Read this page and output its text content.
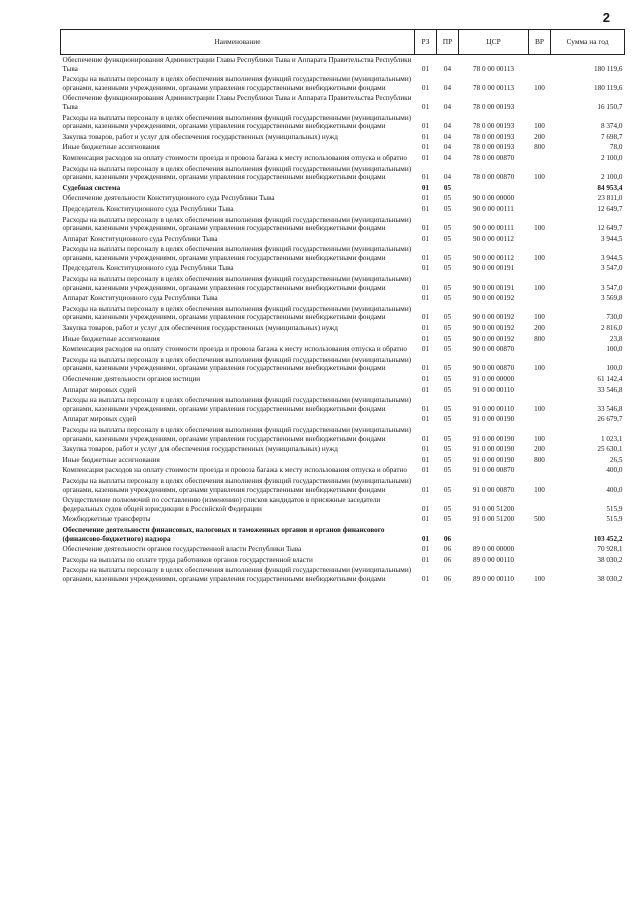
2
Наименование	РЗ	ПР	ЦСР	ВР	Сумма на год
Обеспечение функционирования Администрации Главы Республики Тыва и Аппарата Правительства Республики Тыва	01	04	78 0 00 00113		180 119,6
Расходы на выплаты персоналу в целях обеспечения выполнения функций государственными (муниципальными) органами, казенными учреждениями, органами управления государственными внебюджетными фондами	01	04	78 0 00 00113	100	180 119,6
Обеспечение функционирования Администрации Главы Республики Тыва и Аппарата Правительства Республики Тыва	01	04	78 0 00 00193		16 150,7
Расходы на выплаты персоналу в целях обеспечения выполнения функций государственными (муниципальными) органами, казенными учреждениями, органами управления государственными внебюджетными фондами	01	04	78 0 00 00193	100	8 374,0
Закупка товаров, работ и услуг для обеспечения государственных (муниципальных) нужд	01	04	78 0 00 00193	200	7 698,7
Иные бюджетные ассигнования	01	04	78 0 00 00193	800	78,0
Компенсация расходов на оплату стоимости проезда и провоза багажа к месту использования отпуска и обратно	01	04	78 0 00 00870		2 100,0
Расходы на выплаты персоналу в целях обеспечения выполнения функций государственными (муниципальными) органами, казенными учреждениями, органами управления государственными внебюджетными фондами	01	04	78 0 00 00870	100	2 100,0
Судебная система	01	05			84 953,4
Обеспечение деятельности Конституционного суда Республики Тыва	01	05	90 0 00 00000		23 811,0
Председатель Конституционного суда Республики Тыва	01	05	90 0 00 00111		12 649,7
Расходы на выплаты персоналу в целях обеспечения выполнения функций государственными (муниципальными) органами, казенными учреждениями, органами управления государственными внебюджетными фондами	01	05	90 0 00 00111	100	12 649,7
Аппарат Конституционного суда Республики Тыва	01	05	90 0 00 00112		3 944,5
Расходы на выплаты персоналу в целях обеспечения выполнения функций государственными (муниципальными) органами, казенными учреждениями, органами управления государственными внебюджетными фондами	01	05	90 0 00 00112	100	3 944,5
Председатель Конституционного суда Республики Тыва	01	05	90 0 00 00191		3 547,0
Расходы на выплаты персоналу в целях обеспечения выполнения функций государственными (муниципальными) органами, казенными учреждениями, органами управления государственными внебюджетными фондами	01	05	90 0 00 00191	100	3 547,0
Аппарат Конституционного суда Республики Тыва	01	05	90 0 00 00192		3 569,8
Расходы на выплаты персоналу в целях обеспечения выполнения функций государственными (муниципальными) органами, казенными учреждениями, органами управления государственными внебюджетными фондами	01	05	90 0 00 00192	100	730,0
Закупка товаров, работ и услуг для обеспечения государственных (муниципальных) нужд	01	05	90 0 00 00192	200	2 816,0
Иные бюджетные ассигнования	01	05	90 0 00 00192	800	23,8
Компенсация расходов на оплату стоимости проезда и провоза багажа к месту использования отпуска и обратно	01	05	90 0 00 00870		100,0
Расходы на выплаты персоналу в целях обеспечения выполнения функций государственными (муниципальными) органами, казенными учреждениями, органами управления государственными внебюджетными фондами	01	05	90 0 00 00870	100	100,0
Обеспечение деятельности органов юстиции	01	05	91 0 00 00000		61 142,4
Аппарат мировых судей	01	05	91 0 00 00110		33 546,8
Расходы на выплаты персоналу в целях обеспечения выполнения функций государственными (муниципальными) органами, казенными учреждениями, органами управления государственными внебюджетными фондами	01	05	91 0 00 00110	100	33 546,8
Аппарат мировых судей	01	05	91 0 00 00190		26 679,7
Расходы на выплаты персоналу в целях обеспечения выполнения функций государственными (муниципальными) органами, казенными учреждениями, органами управления государственными внебюджетными фондами	01	05	91 0 00 00190	100	1 023,1
Закупка товаров, работ и услуг для обеспечения государственных (муниципальных) нужд	01	05	91 0 00 00190	200	25 630,1
Иные бюджетные ассигнования	01	05	91 0 00 00190	800	26,5
Компенсация расходов на оплату стоимости проезда и провоза багажа к месту использования отпуска и обратно	01	05	91 0 00 00870		400,0
Расходы на выплаты персоналу в целях обеспечения выполнения функций государственными (муниципальными) органами, казенными учреждениями, органами управления государственными внебюджетными фондами	01	05	91 0 00 00870	100	400,0
Осуществление полномочий по составлению (изменению) списков кандидатов в присяжные заседатели федеральных судов общей юрисдикции в Российской Федерации	01	05	91 0 00 51200		515,9
Межбюджетные трансферты	01	05	91 0 00 51200	500	515,9
Обеспечение деятельности финансовых, налоговых и таможенных органов и органов финансового (финансово-бюджетного) надзора	01	06			103 452,2
Обеспечение деятельности органов государственной власти Республики Тыва	01	06	89 0 00 00000		70 928,1
Расходы на выплаты по оплате труда работников органов государственной власти	01	06	89 0 00 00110		38 030,2
Расходы на выплаты персоналу в целях обеспечения выполнения функций государственными (муниципальными) органами, казенными учреждениями, органами управления государственными внебюджетными фондами	01	06	89 0 00 00110	100	38 030,2
